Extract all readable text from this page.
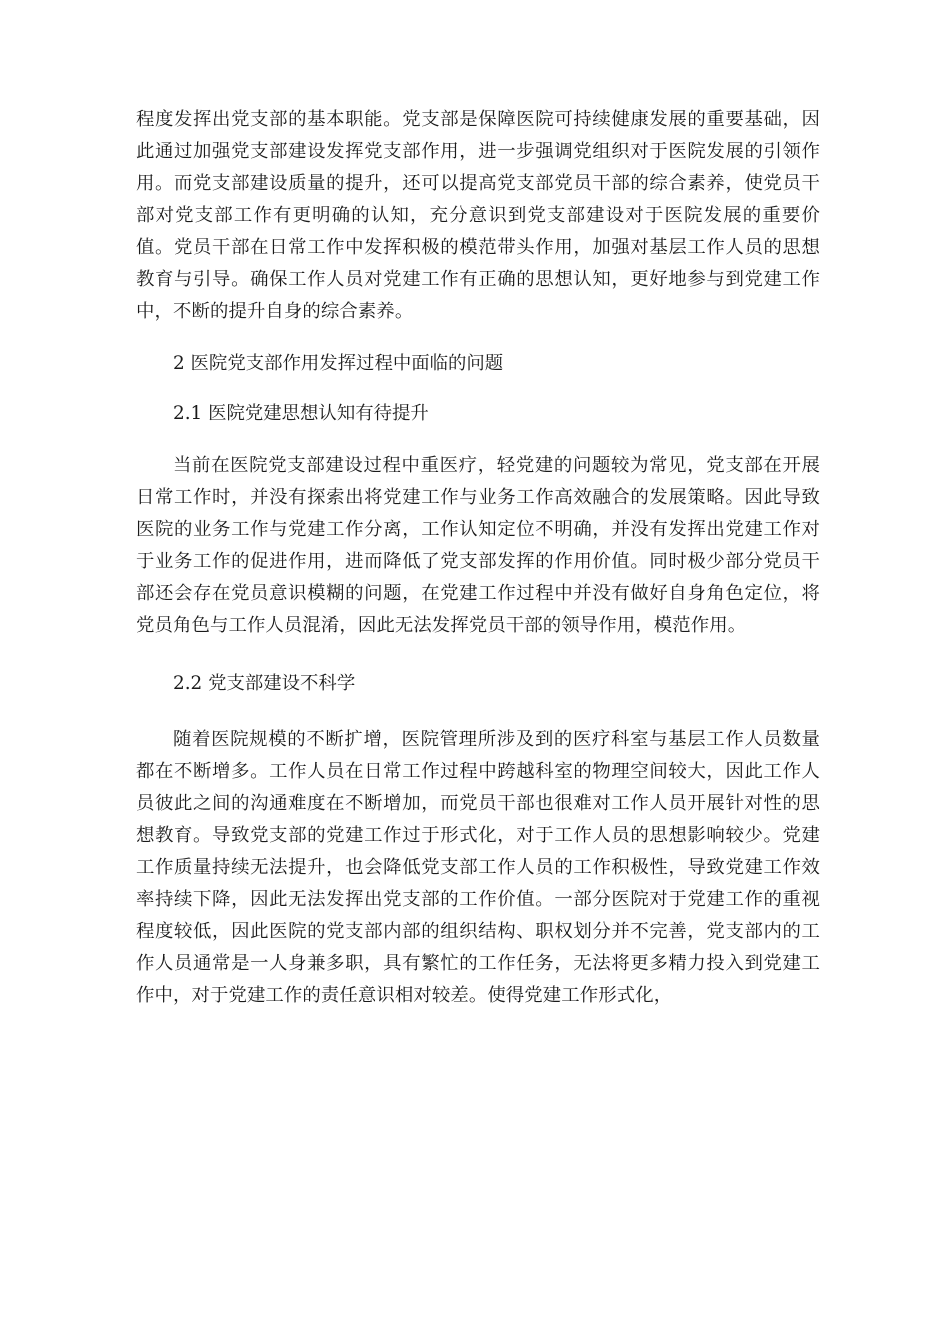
程度发挥出党支部的基本职能。党支部是保障医院可持续健康发展的重要基础，因此通过加强党支部建设发挥党支部作用，进一步强调党组织对于医院发展的引领作用。而党支部建设质量的提升，还可以提高党支部党员干部的综合素养，使党员干部对党支部工作有更明确的认知，充分意识到党支部建设对于医院发展的重要价值。党员干部在日常工作中发挥积极的模范带头作用，加强对基层工作人员的思想教育与引导。确保工作人员对党建工作有正确的思想认知，更好地参与到党建工作中，不断的提升自身的综合素养。

2 医院党支部作用发挥过程中面临的问题

2.1 医院党建思想认知有待提升

当前在医院党支部建设过程中重医疗，轻党建的问题较为常见，党支部在开展日常工作时，并没有探索出将党建工作与业务工作高效融合的发展策略。因此导致医院的业务工作与党建工作分离，工作认知定位不明确，并没有发挥出党建工作对于业务工作的促进作用，进而降低了党支部发挥的作用价值。同时极少部分党员干部还会存在党员意识模糊的问题，在党建工作过程中并没有做好自身角色定位，将党员角色与工作人员混淆，因此无法发挥党员干部的领导作用，模范作用。

2.2 党支部建设不科学

随着医院规模的不断扩增，医院管理所涉及到的医疗科室与基层工作人员数量都在不断增多。工作人员在日常工作过程中跨越科室的物理空间较大，因此工作人员彼此之间的沟通难度在不断增加，而党员干部也很难对工作人员开展针对性的思想教育。导致党支部的党建工作过于形式化，对于工作人员的思想影响较少。党建工作质量持续无法提升，也会降低党支部工作人员的工作积极性，导致党建工作效率持续下降，因此无法发挥出党支部的工作价值。一部分医院对于党建工作的重视程度较低，因此医院的党支部内部的组织结构、职权划分并不完善，党支部内的工作人员通常是一人身兼多职，具有繁忙的工作任务，无法将更多精力投入到党建工作中，对于党建工作的责任意识相对较差。使得党建工作形式化，
